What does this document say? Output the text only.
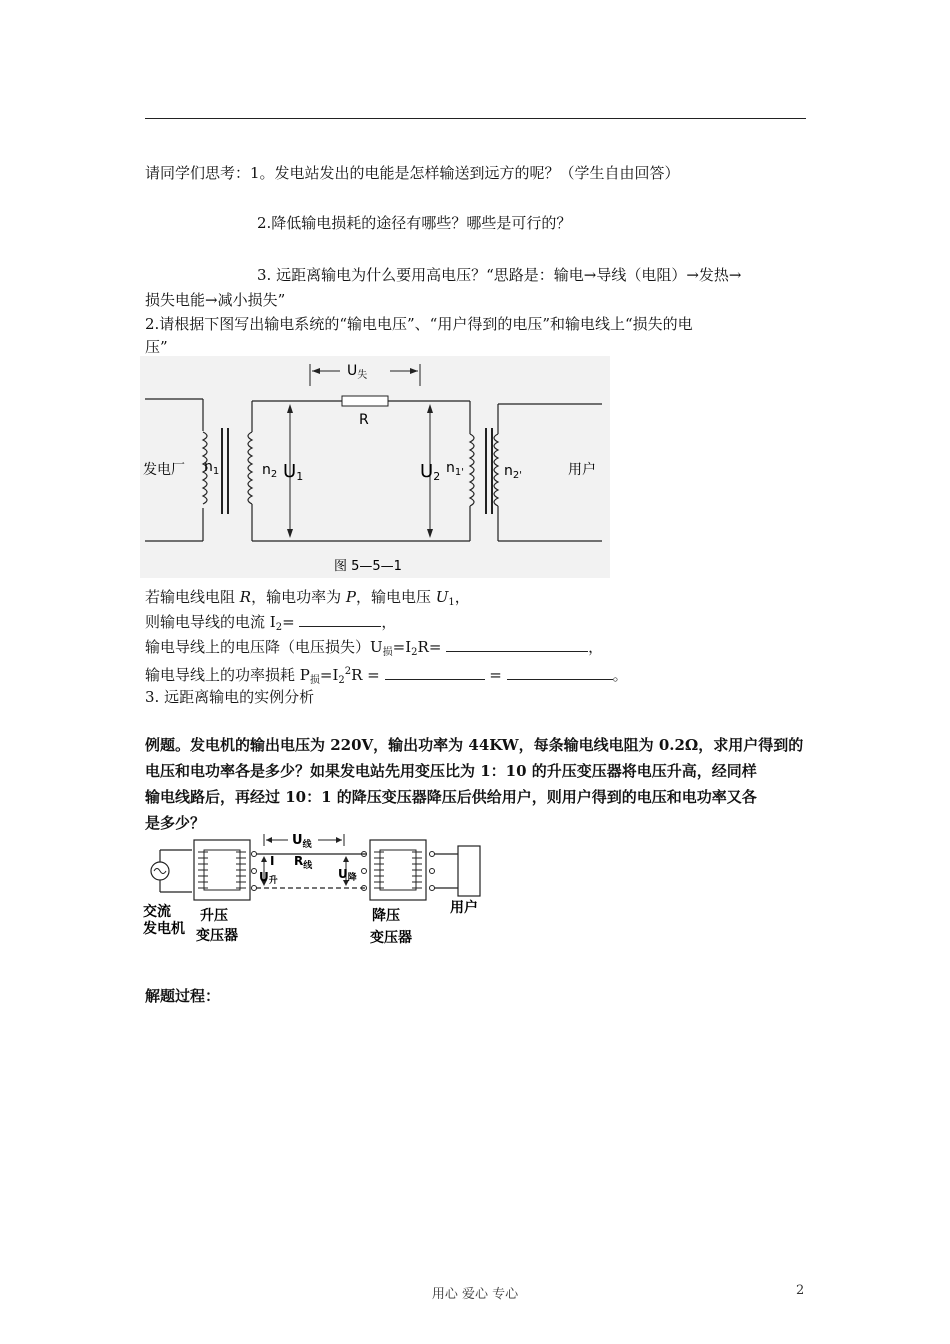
请同学们思考：1。发电站发出的电能是怎样输送到远方的呢？（学生自由回答）
2.降低输电损耗的途径有哪些？哪些是可行的？
3. 远距离输电为什么要用高电压？“思路是：输电→导线（电阻）→发热→
损失电能→减小损失”
2.请根据下图写出输电系统的“输电电压”、“用户得到的电压”和输电线上“损失的电
压”
$U_失$
R
发电厂 $n_1$	$n_2$ U1	U2
$n_{1'}$	$n_{2'}$	用户
图 5—5—1
若输电线电阻 R，输电功率为 P，输电电压 $U_1$，
则输电导线的电流 $I_2=$	，
输电导线上的电压降（电压损失）$U_损=I_2R=$	，
输电导线上的功率损耗 $P_损=I_2^2R$ =	=	。
3. 远距离输电的实例分析
例题。发电机的输出电压为 220V，输出功率为 44KW，每条输电线电阻为 0.2Ω，求用户得到的
电压和电功率各是多少？如果发电站先用变压比为 1：10 的升压变压器将电压升高，经同样
输电线路后，再经过 10：1 的降压变压器降压后供给用户，则用户得到的电压和电功率又各
是多少？
$U_线$
I
U升
$R_线$
U降
交流
发电机
升压
变压器
降压
变压器
用户
解题过程：
用心 爱心 专心	2
